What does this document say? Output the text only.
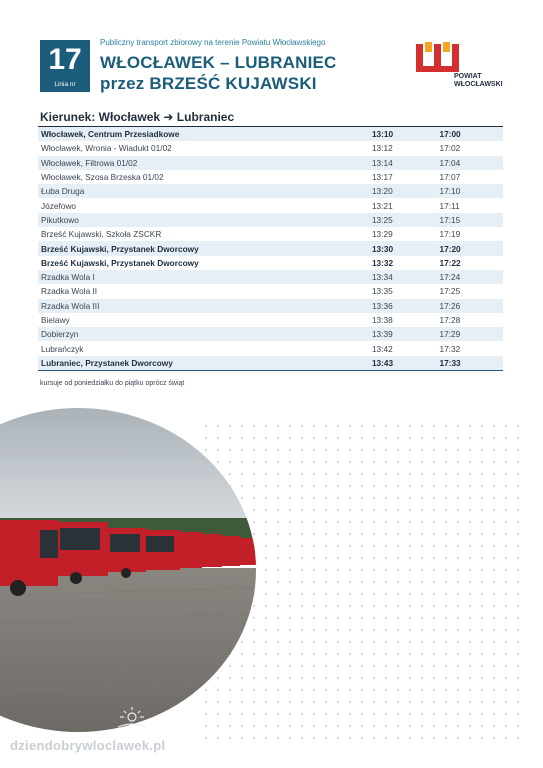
17
Linia nr
Publiczny transport zbiorowy na terenie Powiatu Włocławskiego
WŁOCŁAWEK – LUBRANIEC
przez BRZEŚĆ KUJAWSKI	POWIAT
WŁOCŁAWSKI
Kierunek: Włocławek ➜ Lubraniec
Włocławek, Centrum Przesiadkowe	13:10	17:00
Włocławek, Wronia - Wiadukt 01/02	13:12	17:02
Włocławek, Filtrowa 01/02	13:14	17:04
Włocławek, Szosa Brzeska 01/02	13:17	17:07
Łuba Druga	13:20	17:10
Józefowo	13:21	17:11
Pikutkowo	13:25	17:15
Brześć Kujawski, Szkoła ZSCKR	13:29	17:19
Brześć Kujawski, Przystanek Dworcowy	13:30	17:20
Brześć Kujawski, Przystanek Dworcowy	13:32	17:22
Rzadka Wola I	13:34	17:24
Rzadka Wola II	13:35	17:25
Rzadka Wola III	13:36	17:26
Bielawy	13:38	17:28
Dobierzyn	13:39	17:29
Lubrańczyk	13:42	17:32
Lubraniec, Przystanek Dworcowy	13:43	17:33
kursuje od poniedziałku do piątku oprócz świąt
dziendobrywloclawek.pl
